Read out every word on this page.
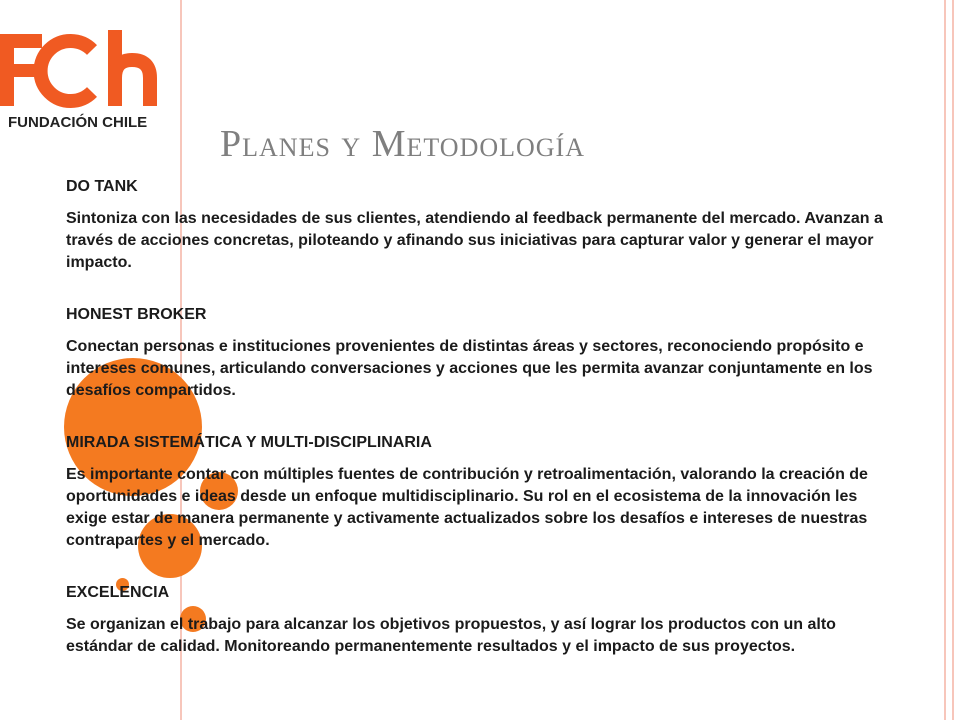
FUNDACIÓN CHILE
PLANES Y METODOLOGÍA
DO TANK
Sintoniza con las necesidades de sus clientes, atendiendo al feedback permanente del mercado. Avanzan a través de acciones concretas, piloteando y afinando sus iniciativas para capturar valor y generar el mayor impacto.
HONEST BROKER
Conectan personas e instituciones provenientes de distintas áreas y sectores, reconociendo propósito e intereses comunes, articulando conversaciones y acciones que les permita avanzar conjuntamente en los desafíos compartidos.
MIRADA SISTEMÁTICA Y MULTI-DISCIPLINARIA
Es importante contar con múltiples fuentes de contribución y retroalimentación, valorando la creación de oportunidades e ideas desde un enfoque multidisciplinario. Su rol en el ecosistema de la innovación les exige estar de manera permanente y activamente actualizados sobre los desafíos e intereses de nuestras contrapartes y el mercado.
EXCELENCIA
Se organizan el trabajo para alcanzar los objetivos propuestos, y así lograr los productos con un alto estándar de calidad. Monitoreando permanentemente resultados y el impacto de sus proyectos.
